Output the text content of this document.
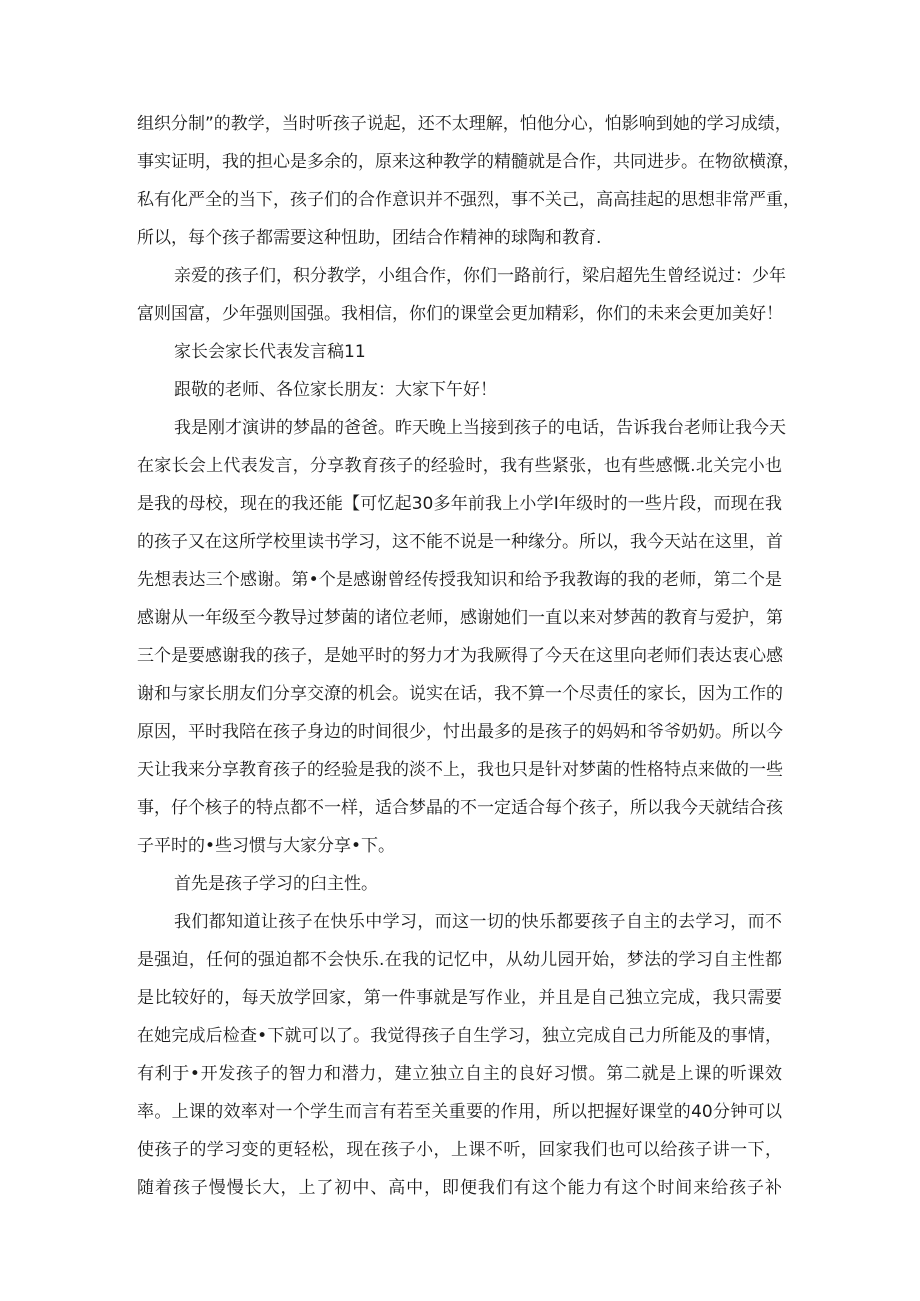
组织分制”的教学，当时听孩子说起，还不太理解，怕他分心，怕影响到她的学习成绩，

事实证明，我的担心是多余的，原来这种教学的精髓就是合作，共同进步。在物欲横潦，

私有化严全的当下，孩子们的合作意识并不强烈，事不关己，高高挂起的思想非常严重，

所以，每个孩子都需要这种忸助，团结合作精神的球陶和教育.

亲爱的孩子们，积分教学，小组合作，你们一路前行，梁启超先生曾经说过：少年

富则国富，少年强则国强。我相信，你们的课堂会更加精彩，你们的未来会更加美好！

家长会家长代表发言稿11

跟敬的老师、各位家长朋友：大家下午好！

我是刚才演讲的梦晶的爸爸。昨天晚上当接到孩子的电话，告诉我台老师让我今天

在家长会上代表发言，分享教育孩子的经验时，我有些紧张，也有些感慨.北关完小也

是我的母校，现在的我还能【可忆起30多年前我上小学I年级时的一些片段，而现在我

的孩子又在这所学校里读书学习，这不能不说是一种缘分。所以，我今天站在这里，首

先想表达三个感谢。第•个是感谢曾经传授我知识和给予我教诲的我的老师，第二个是

感谢从一年级至今教导过梦菌的诸位老师，感谢她们一直以来对梦茜的教育与爱护，第

三个是要感谢我的孩子，是她平时的努力才为我厥得了今天在这里向老师们表达衷心感

谢和与家长朋友们分享交潦的机会。说实在话，我不算一个尽责任的家长，因为工作的

原因，平时我陪在孩子身边的时间很少，忖出最多的是孩子的妈妈和爷爷奶奶。所以今

天让我来分享教育孩子的经验是我的淡不上，我也只是针对梦菌的性格特点来做的一些

事，仔个核子的特点都不一样，适合梦晶的不一定适合每个孩子，所以我今天就结合孩

子平时的•些习惯与大家分享•下。

首先是孩子学习的臼主性。

我们都知道让孩子在快乐中学习，而这一切的快乐都要孩子自主的去学习，而不

是强迫，任何的强迫都不会快乐.在我的记忆中，从幼儿园开始，梦法的学习自主性都

是比较好的，每天放学回家，第一件事就是写作业，并且是自己独立完成，我只需要

在她完成后检查•下就可以了。我觉得孩子自生学习，独立完成自己力所能及的事情，

有利于•开发孩子的智力和潜力，建立独立自主的良好习惯。第二就是上课的听课效

率。上课的效率对一个学生而言有若至关重要的作用，所以把握好课堂的40分钟可以

使孩子的学习变的更轻松，现在孩子小，上课不听，回家我们也可以给孩子讲一下，

随着孩子慢慢长大，上了初中、高中，即便我们有这个能力有这个时间来给孩子补
